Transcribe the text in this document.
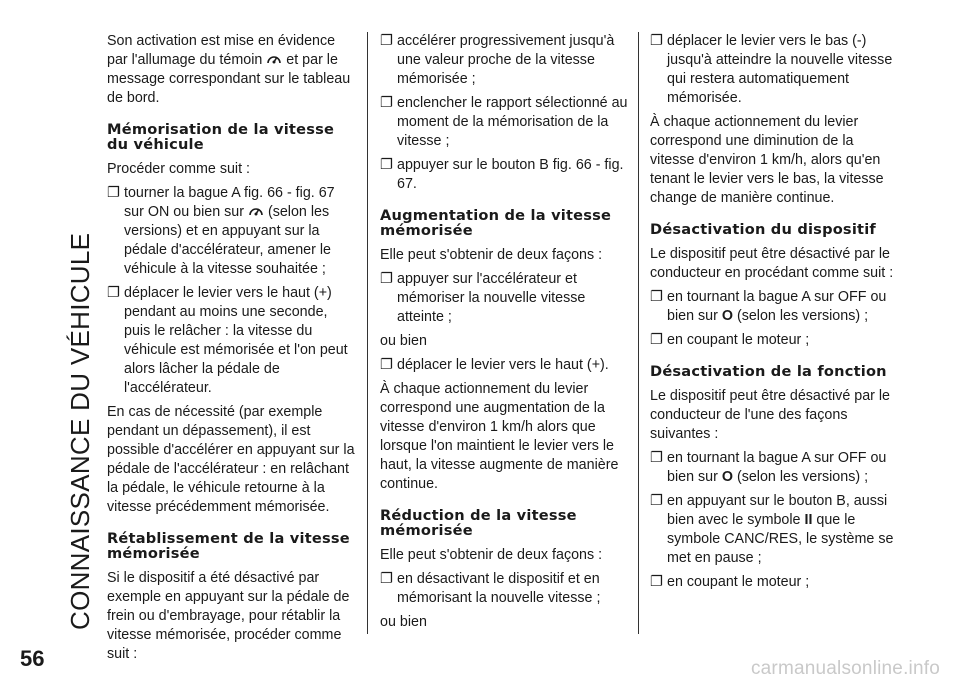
CONNAISSANCE DU VÉHICULE

Son activation est mise en évidence par l'allumage du témoin  et par le message correspondant sur le tableau de bord.

Mémorisation de la vitesse du véhicule

Procéder comme suit :

❐ tourner la bague A fig. 66 - fig. 67 sur ON ou bien sur  (selon les versions) et en appuyant sur la pédale d'accélérateur, amener le véhicule à la vitesse souhaitée ;
❐ déplacer le levier vers le haut (+) pendant au moins une seconde, puis le relâcher : la vitesse du véhicule est mémorisée et l'on peut alors lâcher la pédale de l'accélérateur.

En cas de nécessité (par exemple pendant un dépassement), il est possible d'accélérer en appuyant sur la pédale de l'accélérateur : en relâchant la pédale, le véhicule retourne à la vitesse précédemment mémorisée.

Rétablissement de la vitesse mémorisée

Si le dispositif a été désactivé par exemple en appuyant sur la pédale de frein ou d'embrayage, pour rétablir la vitesse mémorisée, procéder comme suit :

❐ accélérer progressivement jusqu'à une valeur proche de la vitesse mémorisée ;
❐ enclencher le rapport sélectionné au moment de la mémorisation de la vitesse ;
❐ appuyer sur le bouton B fig. 66 - fig. 67.
Augmentation de la vitesse mémorisée

Elle peut s'obtenir de deux façons :

❐ appuyer sur l'accélérateur et mémoriser la nouvelle vitesse atteinte ;

ou bien

❐ déplacer le levier vers le haut (+).

À chaque actionnement du levier correspond une augmentation de la vitesse d'environ 1 km/h alors que lorsque l'on maintient le levier vers le haut, la vitesse augmente de manière continue.

Réduction de la vitesse mémorisée

Elle peut s'obtenir de deux façons :

❐ en désactivant le dispositif et en mémorisant la nouvelle vitesse ;

ou bien

❐ déplacer le levier vers le bas (-) jusqu'à atteindre la nouvelle vitesse qui restera automatiquement mémorisée.

À chaque actionnement du levier correspond une diminution de la vitesse d'environ 1 km/h, alors qu'en tenant le levier vers le bas, la vitesse change de manière continue.

Désactivation du dispositif

Le dispositif peut être désactivé par le conducteur en procédant comme suit :

❐ en tournant la bague A sur OFF ou bien sur O (selon les versions) ;
❐ en coupant le moteur ;
Désactivation de la fonction

Le dispositif peut être désactivé par le conducteur de l'une des façons suivantes :

❐ en tournant la bague A sur OFF ou bien sur O (selon les versions) ;
❐ en appuyant sur le bouton B, aussi bien avec le symbole II que le symbole CANC/RES, le système se met en pause ;
❐ en coupant le moteur ;
56	carmanualsonline.info
